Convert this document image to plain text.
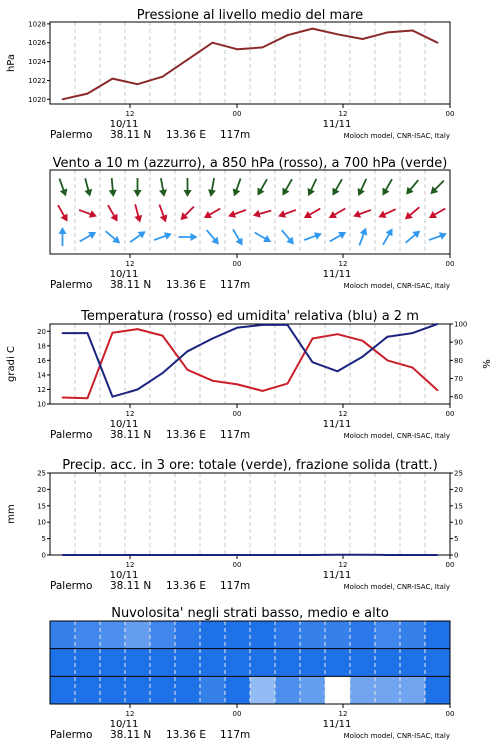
12	00	12	00
10/11	11/11
Palermo 38.11 N 13.36 E 117m	Moloch model, CNR-ISAC, Italy
1020
1022
1024
1026
1028
hPa
Pressione al livello medio del mare
12	00	12	00
10/11	11/11
Palermo 38.11 N 13.36 E 117m	Moloch model, CNR-ISAC, Italy
Vento a 10 m (azzurro), a 850 hPa (rosso), a 700 hPa (verde)
12	00	12	00
10/11	11/11
Palermo 38.11 N 13.36 E 117m	Moloch model, CNR-ISAC, Italy
10
12
14
16
18
20
60
70
80
90
100
gradi C	%
Temperatura (rosso) ed umidita' relativa (blu) a 2 m
12	00	12	00
10/11	11/11
Palermo 38.11 N 13.36 E 117m	Moloch model, CNR-ISAC, Italy
0
5
10
15
20
25
0
5
10
15
20
25
mm
Precip. acc. in 3 ore: totale (verde), frazione solida (tratt.)
Nuvolosita' negli strati basso, medio e alto
12	00	12	00
10/11	11/11
Palermo 38.11 N 13.36 E 117m	Moloch model, CNR-ISAC, Italy
